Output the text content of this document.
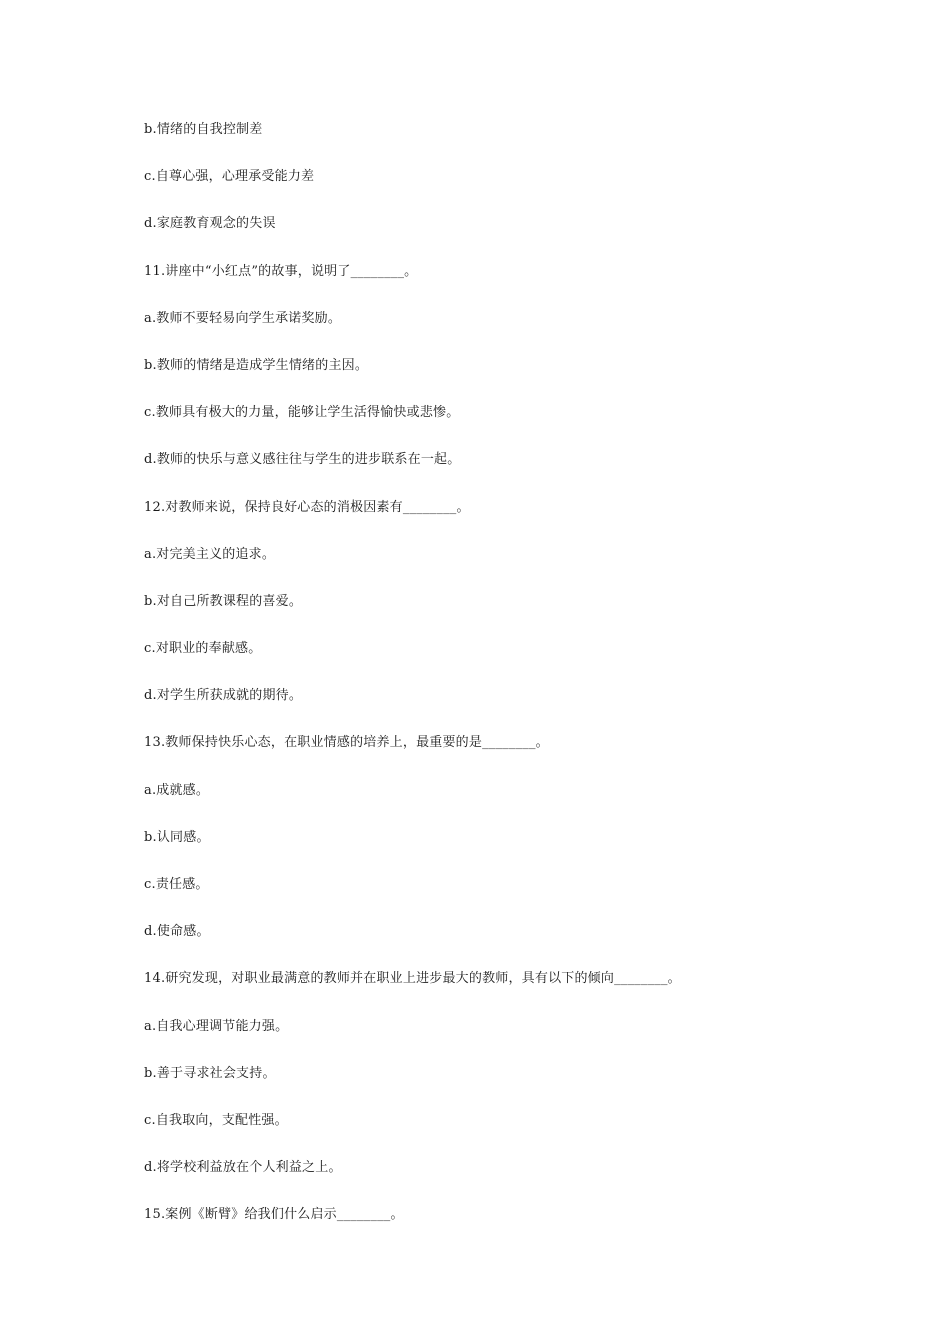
b.情绪的自我控制差
c.自尊心强，心理承受能力差
d.家庭教育观念的失误
11.讲座中“小红点”的故事，说明了________。
a.教师不要轻易向学生承诺奖励。
b.教师的情绪是造成学生情绪的主因。
c.教师具有极大的力量，能够让学生活得愉快或悲惨。
d.教师的快乐与意义感往往与学生的进步联系在一起。
12.对教师来说，保持良好心态的消极因素有________。
a.对完美主义的追求。
b.对自己所教课程的喜爱。
c.对职业的奉献感。
d.对学生所获成就的期待。
13.教师保持快乐心态，在职业情感的培养上，最重要的是________。
a.成就感。
b.认同感。
c.责任感。
d.使命感。
14.研究发现，对职业最满意的教师并在职业上进步最大的教师，具有以下的倾向________。
a.自我心理调节能力强。
b.善于寻求社会支持。
c.自我取向，支配性强。
d.将学校利益放在个人利益之上。
15.案例《断臂》给我们什么启示________。
